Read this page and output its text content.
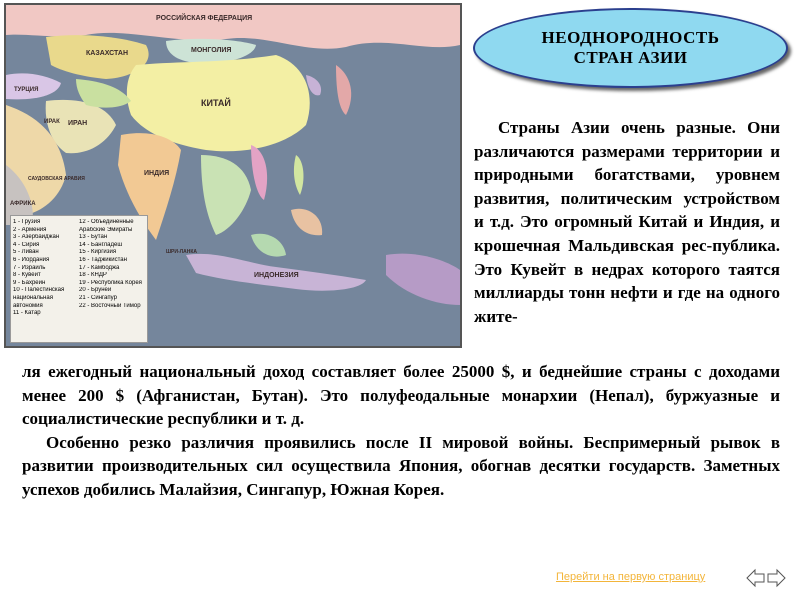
РОССИЙСКАЯ ФЕДЕРАЦИЯ
КАЗАХСТАН	МОНГОЛИЯ
КИТАЙ
ТУРЦИЯ
ИРАН
ИРАК
САУДОВСКАЯ АРАВИЯ
ИНДИЯ
АФРИКА
ИНДОНЕЗИЯ
ШРИ-ЛАНКА
1 - Грузия
2 - Армения
3 - Азербайджан
4 - Сирия
5 - Ливан
6 - Иордания
7 - Израиль
8 - Кувейт
9 - Бахрейн
10 - Палестинская
национальная
автономия
11 - Катар
12 - Объединенные
Арабские Эмираты
13 - Бутан
14 - Бангладеш
15 - Киргизия
16 - Таджикистан
17 - Камбоджа
18 - КНДР
19 - Республика Корея
20 - Бруней
21 - Сингапур
22 - Восточный Тимор
НЕОДНОРОДНОСТЬ
СТРАН АЗИИ

Страны Азии очень разные. Они различаются размерами территории и природными богатствами, уровнем развития, политическим устройством и т.д. Это огромный Китай и Индия, и крошечная Мальдивская рес-публика. Это Кувейт в недрах которого таятся миллиарды тонн нефти и где на одного жите-

ля ежегодный национальный доход составляет более 25000 $, и беднейшие страны с доходами менее 200 $ (Афганистан, Бутан). Это полуфеодальные монархии (Непал), буржуазные и социалистические республики и т. д.

Особенно резко различия проявились после II мировой войны. Беспримерный рывок в развитии производительных сил осуществила Япония, обогнав десятки государств. Заметных успехов добились Малайзия, Сингапур, Южная Корея.

Перейти на первую страницу
